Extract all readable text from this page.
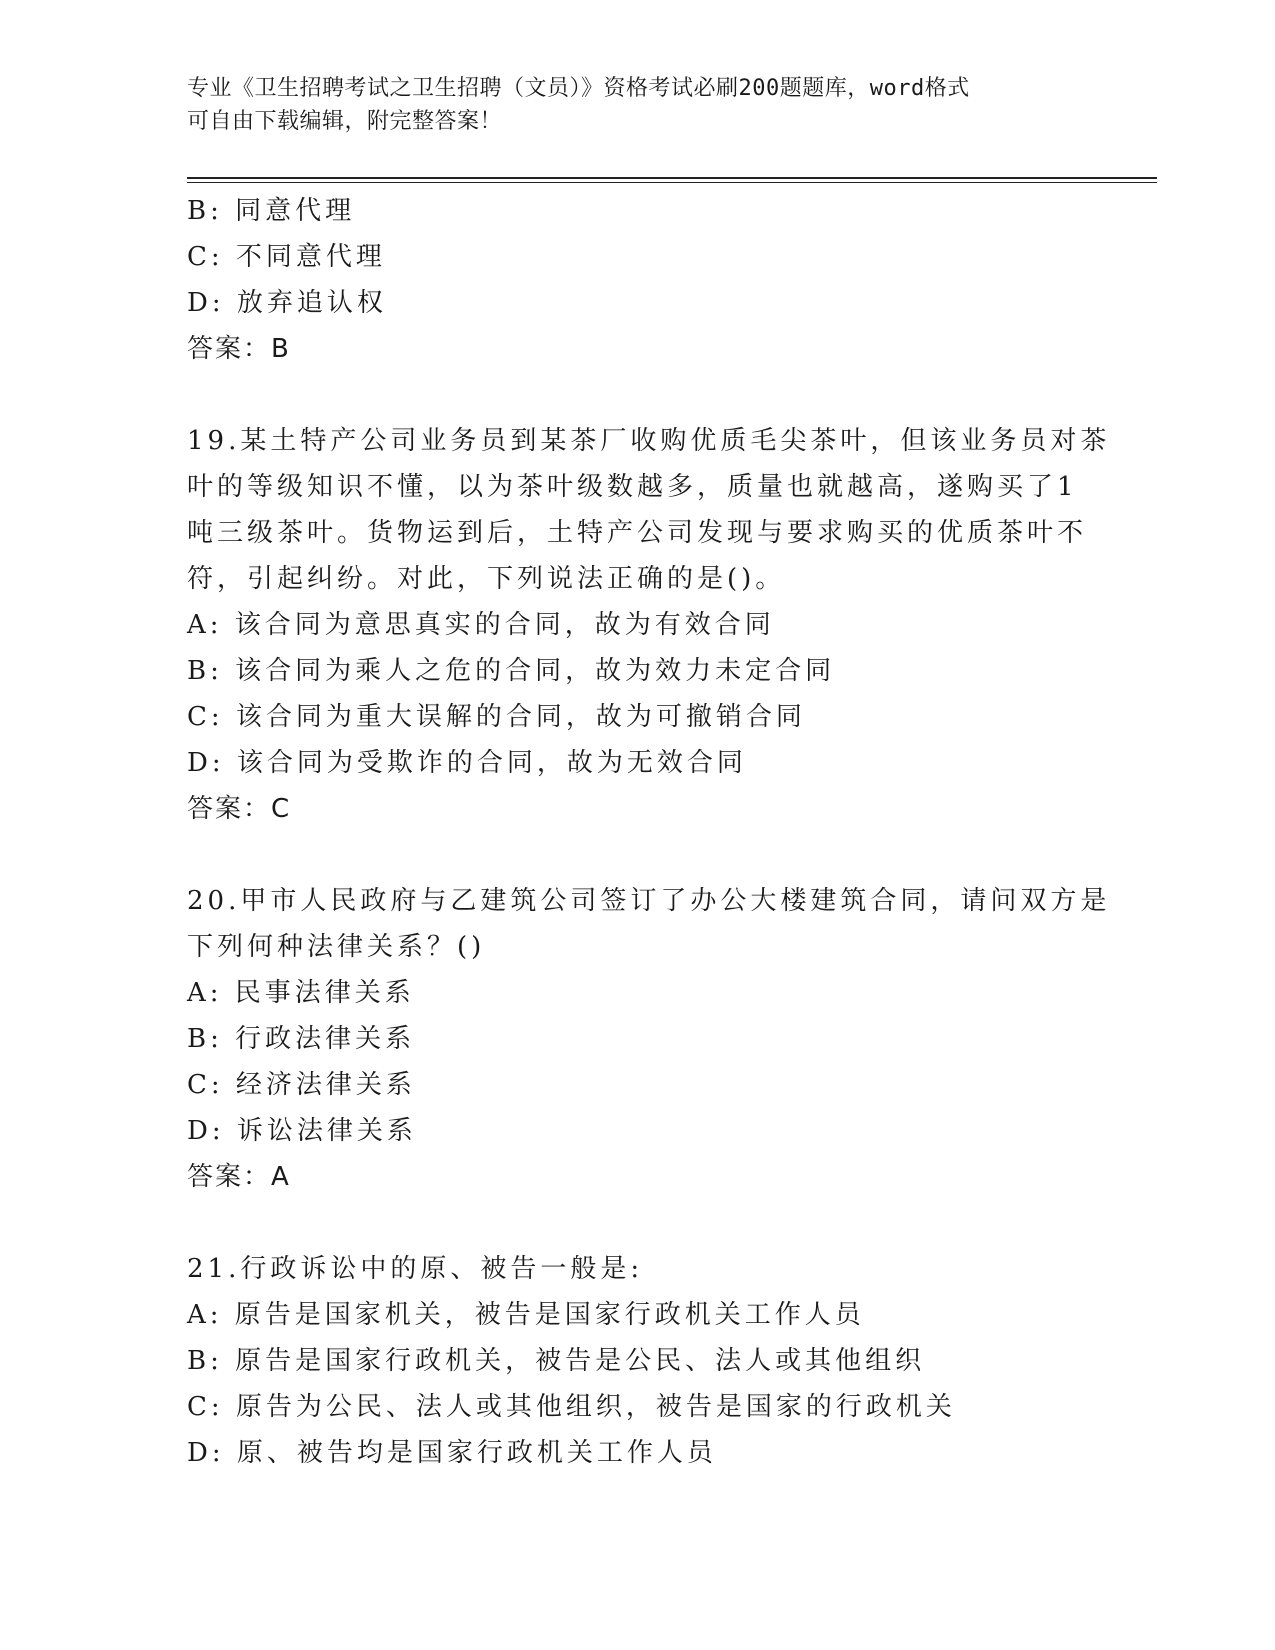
专业《卫生招聘考试之卫生招聘（文员）》资格考试必刷200题题库，word格式
可自由下载编辑，附完整答案！
B: 同意代理
C: 不同意代理
D: 放弃追认权
答案：B
19.某土特产公司业务员到某茶厂收购优质毛尖茶叶，但该业务员对茶
叶的等级知识不懂，以为茶叶级数越多，质量也就越高，遂购买了1
吨三级茶叶。货物运到后，土特产公司发现与要求购买的优质茶叶不
符，引起纠纷。对此，下列说法正确的是()。
A: 该合同为意思真实的合同，故为有效合同
B: 该合同为乘人之危的合同，故为效力未定合同
C: 该合同为重大误解的合同，故为可撤销合同
D: 该合同为受欺诈的合同，故为无效合同
答案：C
20.甲市人民政府与乙建筑公司签订了办公大楼建筑合同，请问双方是
下列何种法律关系？()
A: 民事法律关系
B: 行政法律关系
C: 经济法律关系
D: 诉讼法律关系
答案：A
21.行政诉讼中的原、被告一般是:
A: 原告是国家机关，被告是国家行政机关工作人员
B: 原告是国家行政机关，被告是公民、法人或其他组织
C: 原告为公民、法人或其他组织，被告是国家的行政机关
D: 原、被告均是国家行政机关工作人员
